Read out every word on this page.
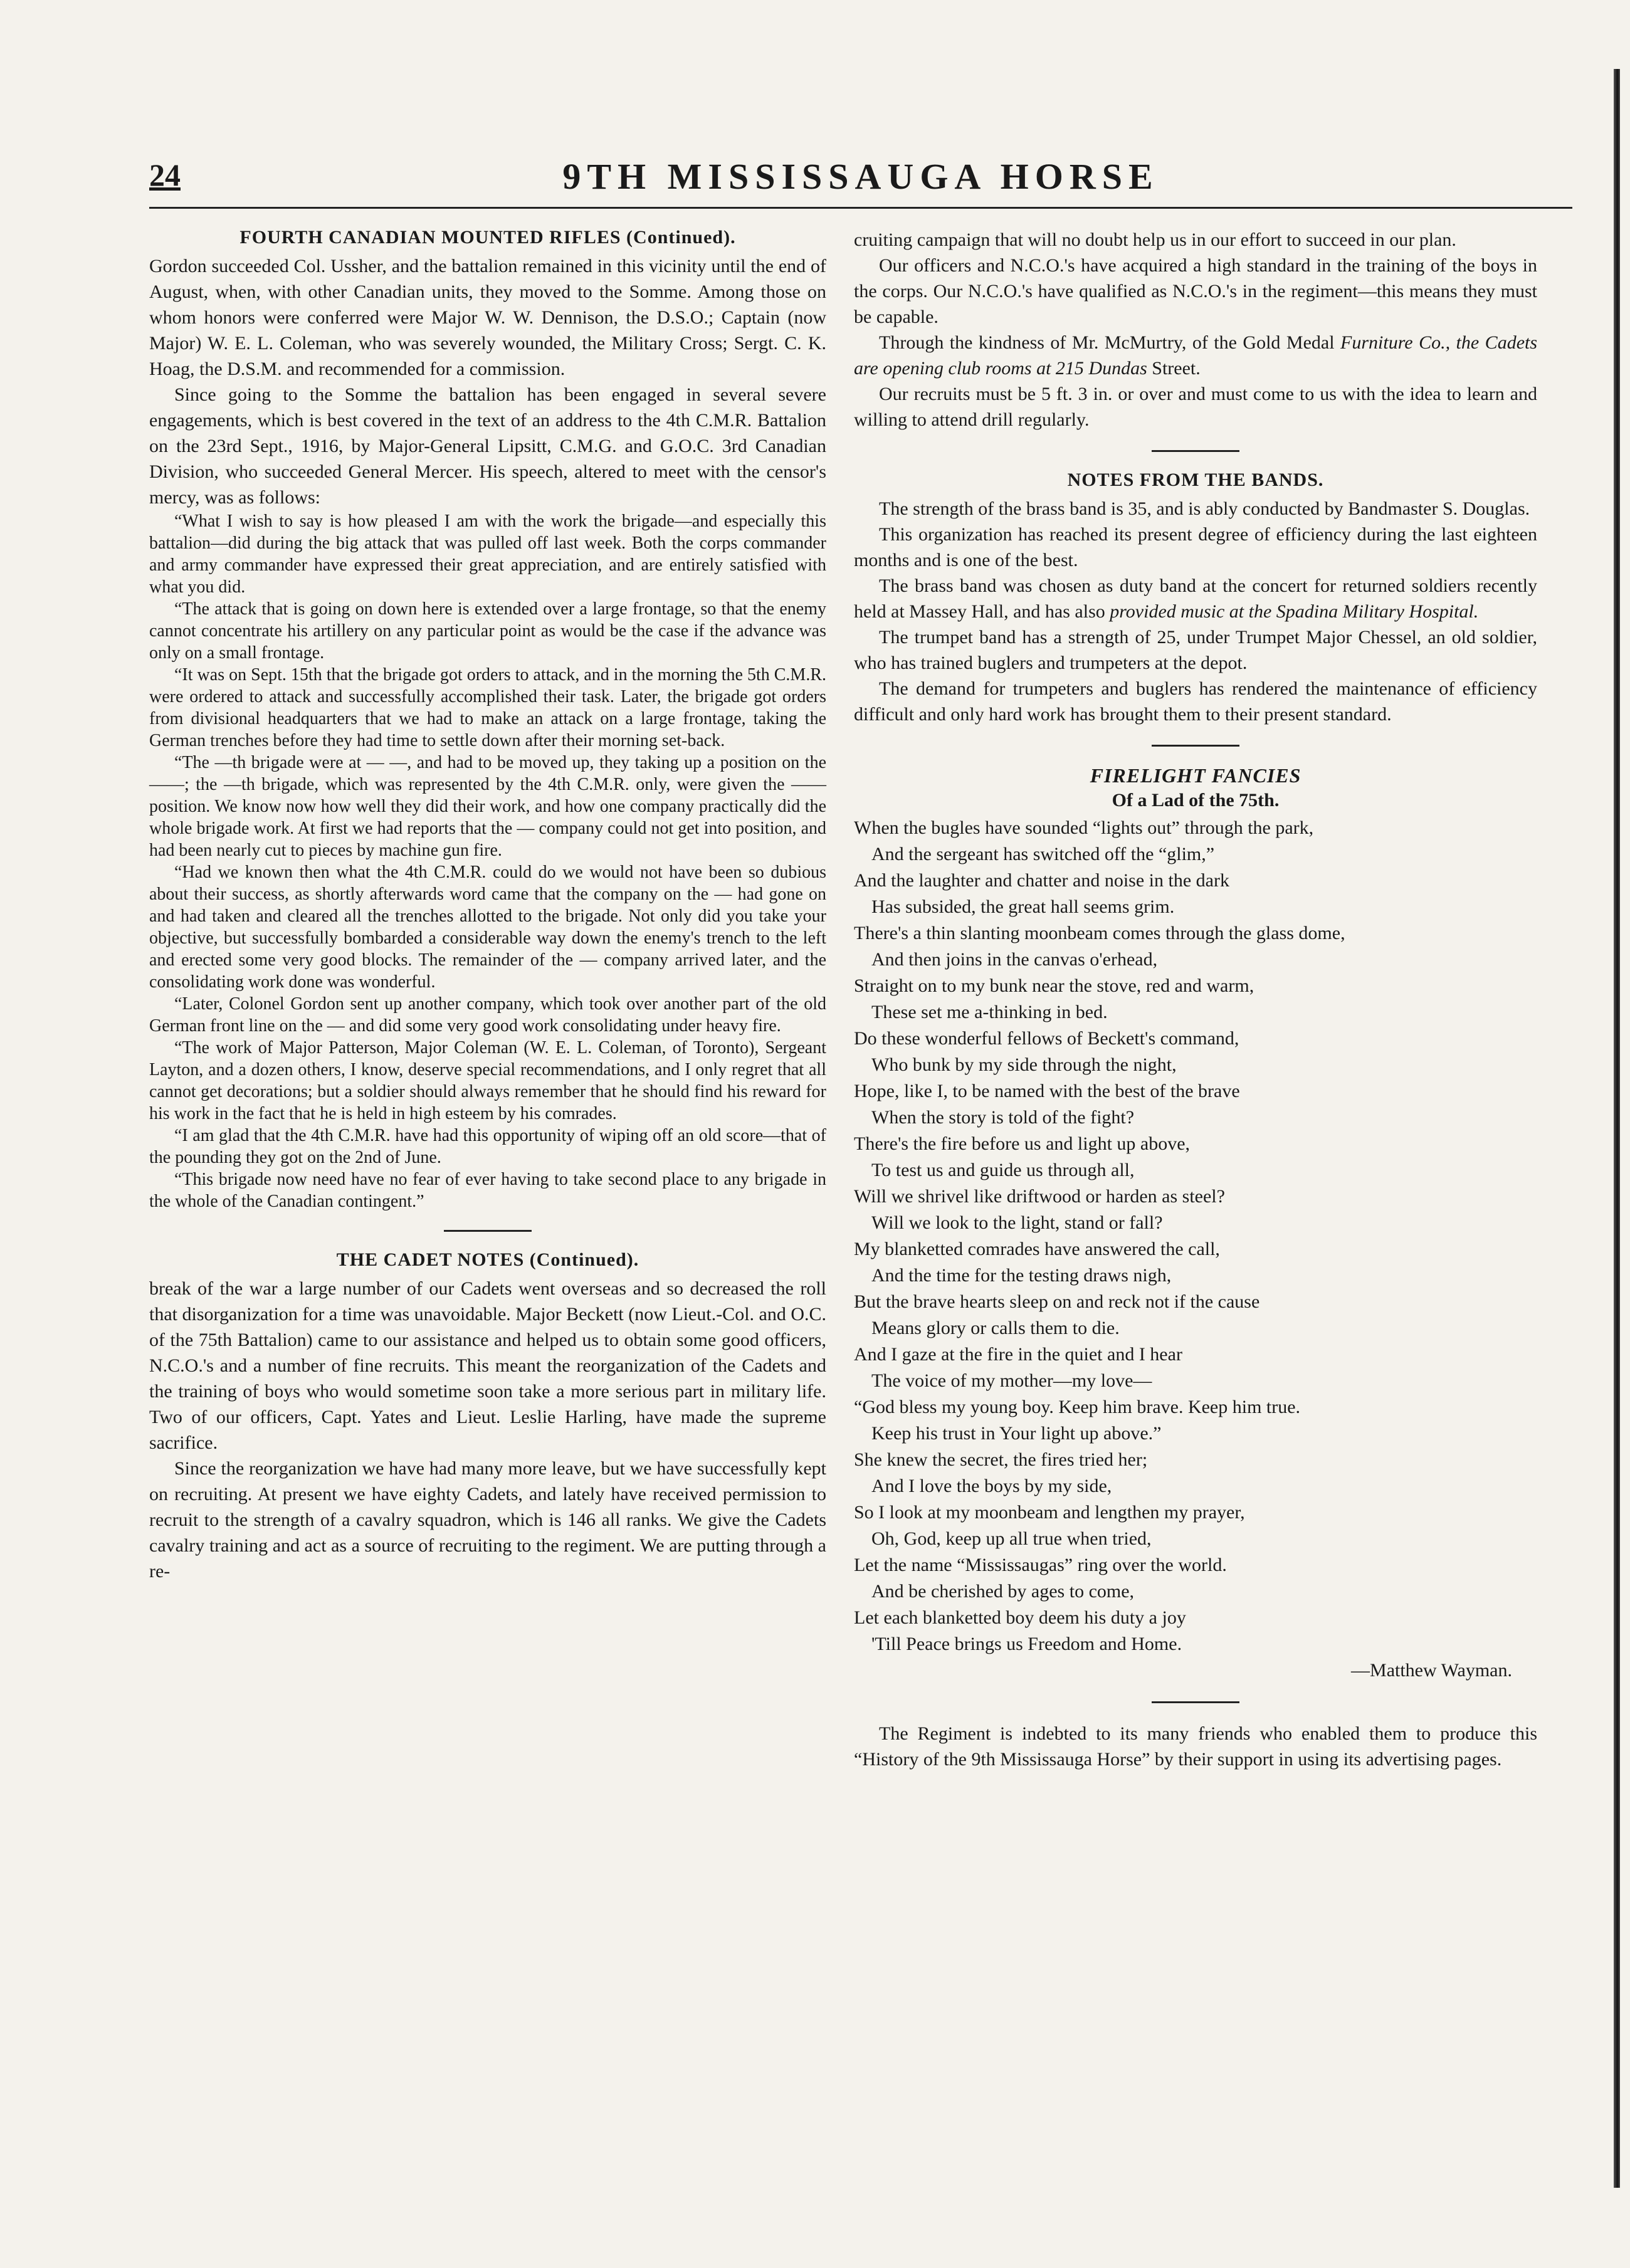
24	9TH MISSISSAUGA HORSE
FOURTH CANADIAN MOUNTED RIFLES (Continued).

Gordon succeeded Col. Ussher, and the battalion remained in this vicinity until the end of August, when, with other Canadian units, they moved to the Somme. Among those on whom honors were conferred were Major W. W. Dennison, the D.S.O.; Captain (now Major) W. E. L. Coleman, who was severely wounded, the Military Cross; Sergt. C. K. Hoag, the D.S.M. and recommended for a commission.

Since going to the Somme the battalion has been engaged in several severe engagements, which is best covered in the text of an address to the 4th C.M.R. Battalion on the 23rd Sept., 1916, by Major-General Lipsitt, C.M.G. and G.O.C. 3rd Canadian Division, who succeeded General Mercer. His speech, altered to meet with the censor's mercy, was as follows:

“What I wish to say is how pleased I am with the work the brigade—and especially this battalion—did during the big attack that was pulled off last week. Both the corps commander and army commander have expressed their great appreciation, and are entirely satisfied with what you did.

“The attack that is going on down here is extended over a large frontage, so that the enemy cannot concentrate his artillery on any particular point as would be the case if the advance was only on a small frontage.

“It was on Sept. 15th that the brigade got orders to attack, and in the morning the 5th C.M.R. were ordered to attack and successfully accomplished their task. Later, the brigade got orders from divisional headquarters that we had to make an attack on a large frontage, taking the German trenches before they had time to settle down after their morning set-back.

“The —th brigade were at — —, and had to be moved up, they taking up a position on the ——; the —th brigade, which was represented by the 4th C.M.R. only, were given the —— position. We know now how well they did their work, and how one company practically did the whole brigade work. At first we had reports that the — company could not get into position, and had been nearly cut to pieces by machine gun fire.

“Had we known then what the 4th C.M.R. could do we would not have been so dubious about their success, as shortly afterwards word came that the company on the — had gone on and had taken and cleared all the trenches allotted to the brigade. Not only did you take your objective, but successfully bombarded a considerable way down the enemy's trench to the left and erected some very good blocks. The remainder of the — company arrived later, and the consolidating work done was wonderful.

“Later, Colonel Gordon sent up another company, which took over another part of the old German front line on the — and did some very good work consolidating under heavy fire.

“The work of Major Patterson, Major Coleman (W. E. L. Coleman, of Toronto), Sergeant Layton, and a dozen others, I know, deserve special recommendations, and I only regret that all cannot get decorations; but a soldier should always remember that he should find his reward for his work in the fact that he is held in high esteem by his comrades.

“I am glad that the 4th C.M.R. have had this opportunity of wiping off an old score—that of the pounding they got on the 2nd of June.

“This brigade now need have no fear of ever having to take second place to any brigade in the whole of the Canadian contingent.”

THE CADET NOTES (Continued).

break of the war a large number of our Cadets went overseas and so decreased the roll that disorganization for a time was unavoidable. Major Beckett (now Lieut.-Col. and O.C. of the 75th Battalion) came to our assistance and helped us to obtain some good officers, N.C.O.'s and a number of fine recruits. This meant the reorganization of the Cadets and the training of boys who would sometime soon take a more serious part in military life. Two of our officers, Capt. Yates and Lieut. Leslie Harling, have made the supreme sacrifice.

Since the reorganization we have had many more leave, but we have successfully kept on recruiting. At present we have eighty Cadets, and lately have received permission to recruit to the strength of a cavalry squadron, which is 146 all ranks. We give the Cadets cavalry training and act as a source of recruiting to the regiment. We are putting through a re-

cruiting campaign that will no doubt help us in our effort to succeed in our plan.

Our officers and N.C.O.'s have acquired a high standard in the training of the boys in the corps. Our N.C.O.'s have qualified as N.C.O.'s in the regiment—this means they must be capable.

Through the kindness of Mr. McMurtry, of the Gold Medal Furniture Co., the Cadets are opening club rooms at 215 Dundas Street.

Our recruits must be 5 ft. 3 in. or over and must come to us with the idea to learn and willing to attend drill regularly.

NOTES FROM THE BANDS.

The strength of the brass band is 35, and is ably conducted by Bandmaster S. Douglas.

This organization has reached its present degree of efficiency during the last eighteen months and is one of the best.

The brass band was chosen as duty band at the concert for returned soldiers recently held at Massey Hall, and has also provided music at the Spadina Military Hospital.

The trumpet band has a strength of 25, under Trumpet Major Chessel, an old soldier, who has trained buglers and trumpeters at the depot.

The demand for trumpeters and buglers has rendered the maintenance of efficiency difficult and only hard work has brought them to their present standard.

FIRELIGHT FANCIES
Of a Lad of the 75th.
When the bugles have sounded “lights out” through the park,
And the sergeant has switched off the “glim,”
And the laughter and chatter and noise in the dark
Has subsided, the great hall seems grim.
There's a thin slanting moonbeam comes through the glass dome,
And then joins in the canvas o'erhead,
Straight on to my bunk near the stove, red and warm,
These set me a-thinking in bed.
Do these wonderful fellows of Beckett's command,
Who bunk by my side through the night,
Hope, like I, to be named with the best of the brave
When the story is told of the fight?
There's the fire before us and light up above,
To test us and guide us through all,
Will we shrivel like driftwood or harden as steel?
Will we look to the light, stand or fall?
My blanketted comrades have answered the call,
And the time for the testing draws nigh,
But the brave hearts sleep on and reck not if the cause
Means glory or calls them to die.
And I gaze at the fire in the quiet and I hear
The voice of my mother—my love—
“God bless my young boy. Keep him brave. Keep him true.
Keep his trust in Your light up above.”
She knew the secret, the fires tried her;
And I love the boys by my side,
So I look at my moonbeam and lengthen my prayer,
Oh, God, keep up all true when tried,
Let the name “Mississaugas” ring over the world.
And be cherished by ages to come,
Let each blanketted boy deem his duty a joy
'Till Peace brings us Freedom and Home.
—Matthew Wayman.

The Regiment is indebted to its many friends who enabled them to produce this “History of the 9th Mississauga Horse” by their support in using its advertising pages.
